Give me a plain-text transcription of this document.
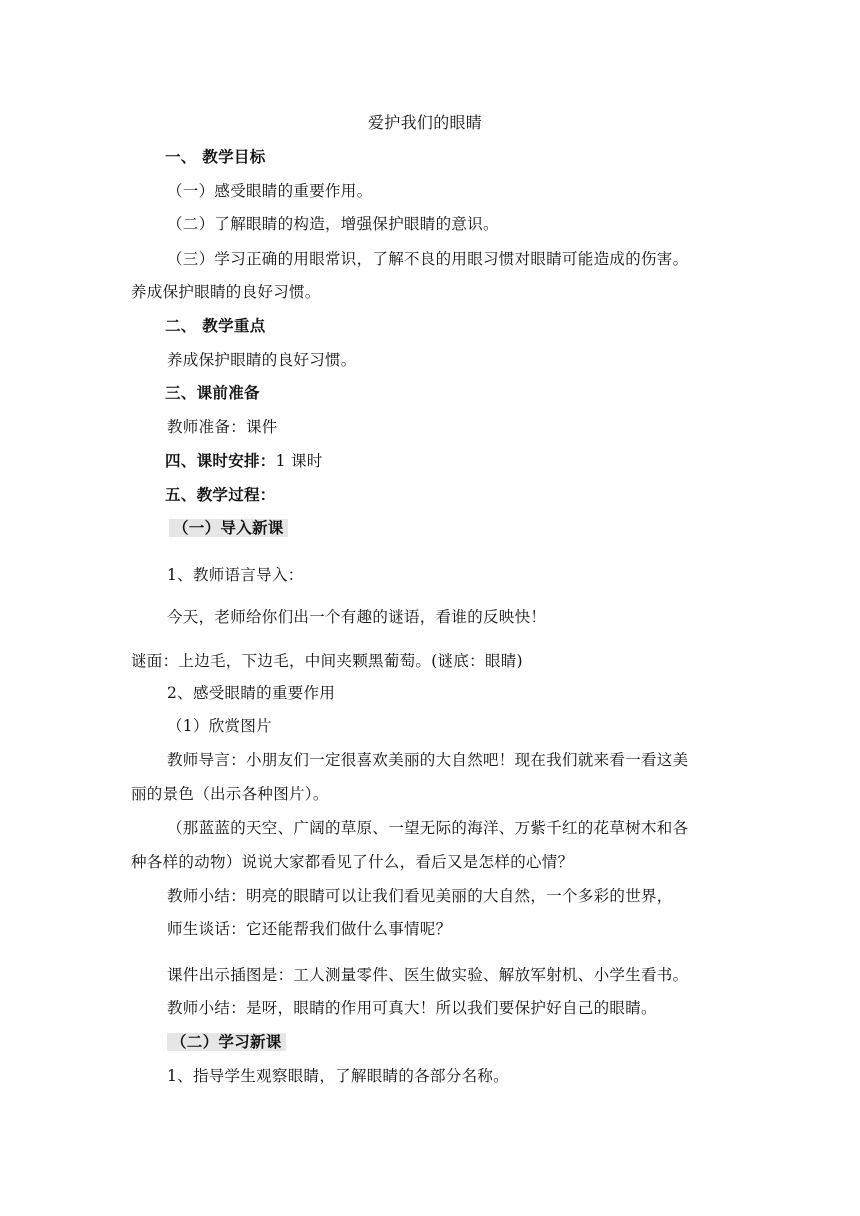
爱护我们的眼睛
一、 教学目标
（一）感受眼睛的重要作用。
（二）了解眼睛的构造，增强保护眼睛的意识。
（三）学习正确的用眼常识，了解不良的用眼习惯对眼睛可能造成的伤害。
养成保护眼睛的良好习惯。
二、 教学重点
养成保护眼睛的良好习惯。
三、课前准备
教师准备：课件
四、课时安排：1 课时
五、教学过程：
（一）导入新课
1、教师语言导入：
今天，老师给你们出一个有趣的谜语，看谁的反映快！
谜面：上边毛，下边毛，中间夹颗黑葡萄。(谜底：眼睛)
2、感受眼睛的重要作用
（1）欣赏图片
教师导言：小朋友们一定很喜欢美丽的大自然吧！现在我们就来看一看这美
丽的景色（出示各种图片）。
（那蓝蓝的天空、广阔的草原、一望无际的海洋、万紫千红的花草树木和各
种各样的动物）说说大家都看见了什么，看后又是怎样的心情？
教师小结：明亮的眼睛可以让我们看见美丽的大自然，一个多彩的世界，
师生谈话：它还能帮我们做什么事情呢？
课件出示插图是：工人测量零件、医生做实验、解放军射机、小学生看书。
教师小结：是呀，眼睛的作用可真大！所以我们要保护好自己的眼睛。
（二）学习新课
1、指导学生观察眼睛，了解眼睛的各部分名称。
